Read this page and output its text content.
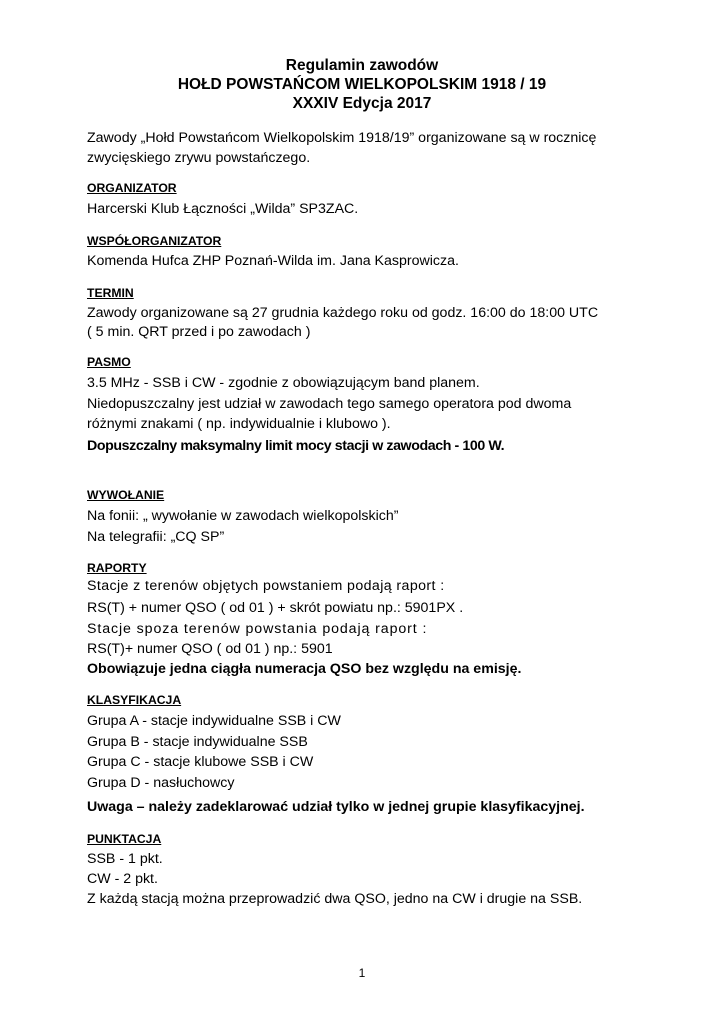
Regulamin zawodów
HOŁD POWSTAŃCOM WIELKOPOLSKIM 1918 / 19
XXXIV Edycja 2017
Zawody „Hołd Powstańcom Wielkopolskim 1918/19” organizowane są w rocznicę
zwycięskiego zrywu powstańczego.
ORGANIZATOR
Harcerski Klub Łączności „Wilda” SP3ZAC.
WSPÓŁORGANIZATOR
Komenda Hufca ZHP Poznań-Wilda im. Jana Kasprowicza.
TERMIN
Zawody organizowane są 27 grudnia każdego roku od godz. 16:00 do 18:00 UTC
( 5 min. QRT przed i po zawodach )
PASMO
3.5 MHz - SSB i CW - zgodnie z obowiązującym band planem.
Niedopuszczalny jest udział w zawodach tego samego operatora pod dwoma
różnymi znakami ( np. indywidualnie i klubowo ).
Dopuszczalny maksymalny limit mocy stacji w zawodach - 100 W.
WYWOŁANIE
Na fonii: „ wywołanie w zawodach wielkopolskich”
Na telegrafii: „CQ SP”
RAPORTY
Stacje z terenów objętych powstaniem podają raport :
RS(T) + numer QSO ( od 01 ) + skrót powiatu np.: 5901PX .
Stacje spoza terenów powstania podają raport :
RS(T)+ numer QSO ( od 01 ) np.: 5901
Obowiązuje jedna ciągła numeracja QSO bez względu na emisję.
KLASYFIKACJA
Grupa A - stacje indywidualne SSB i CW
Grupa B - stacje indywidualne SSB
Grupa C - stacje klubowe SSB i CW
Grupa D - nasłuchowcy
Uwaga – należy zadeklarować udział tylko w jednej grupie klasyfikacyjnej.
PUNKTACJA
SSB - 1 pkt.
CW - 2 pkt.
Z każdą stacją można przeprowadzić dwa QSO, jedno na CW i drugie na SSB.
1
